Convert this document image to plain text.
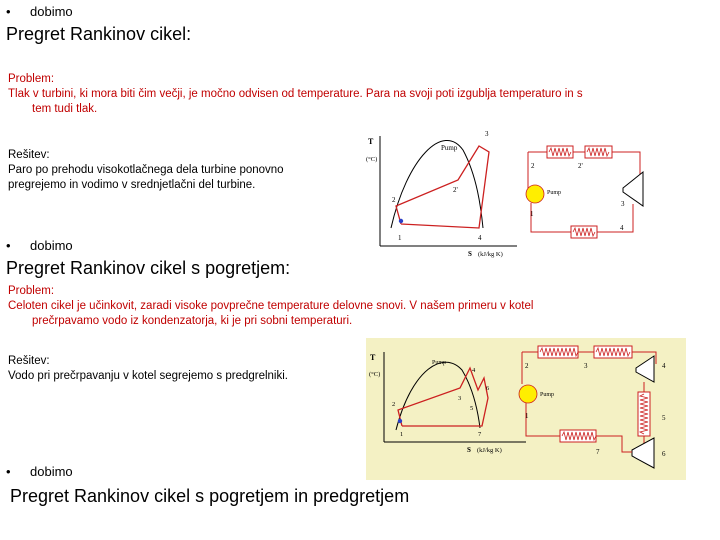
• dobimo
Pregret Rankinov cikel:
Problem:
Tlak v turbini, ki mora biti čim večji, je močno odvisen od temperature. Para na svoji poti izgublja temperaturo in s
tem tudi tlak.
Rešitev:
Paro po prehodu visokotlačnega dela turbine ponovno
pregrejemo in vodimo v srednjetlačni del turbine.
T
(°C)
S (kJ/kg K)
Pump
1
2
2'
3
4
Pump
2	2'
1
3
4
• dobimo
Pregret Rankinov cikel s pogretjem:
Problem:
Celoten cikel je učinkovit, zaradi visoke povprečne temperature delovne snovi. V našem primeru v kotel
prečrpavamo vodo iz kondenzatorja, ki je pri sobni temperaturi.
Rešitev:
Vodo pri prečrpavanju v kotel segrejemo s predgrelniki.
T
(°C)
S (kJ/kg K)
Pump
1
2
3
4
5
6
7
Pump
2	3	4
5
6
7
1
• dobimo
Pregret Rankinov cikel s pogretjem in predgretjem
